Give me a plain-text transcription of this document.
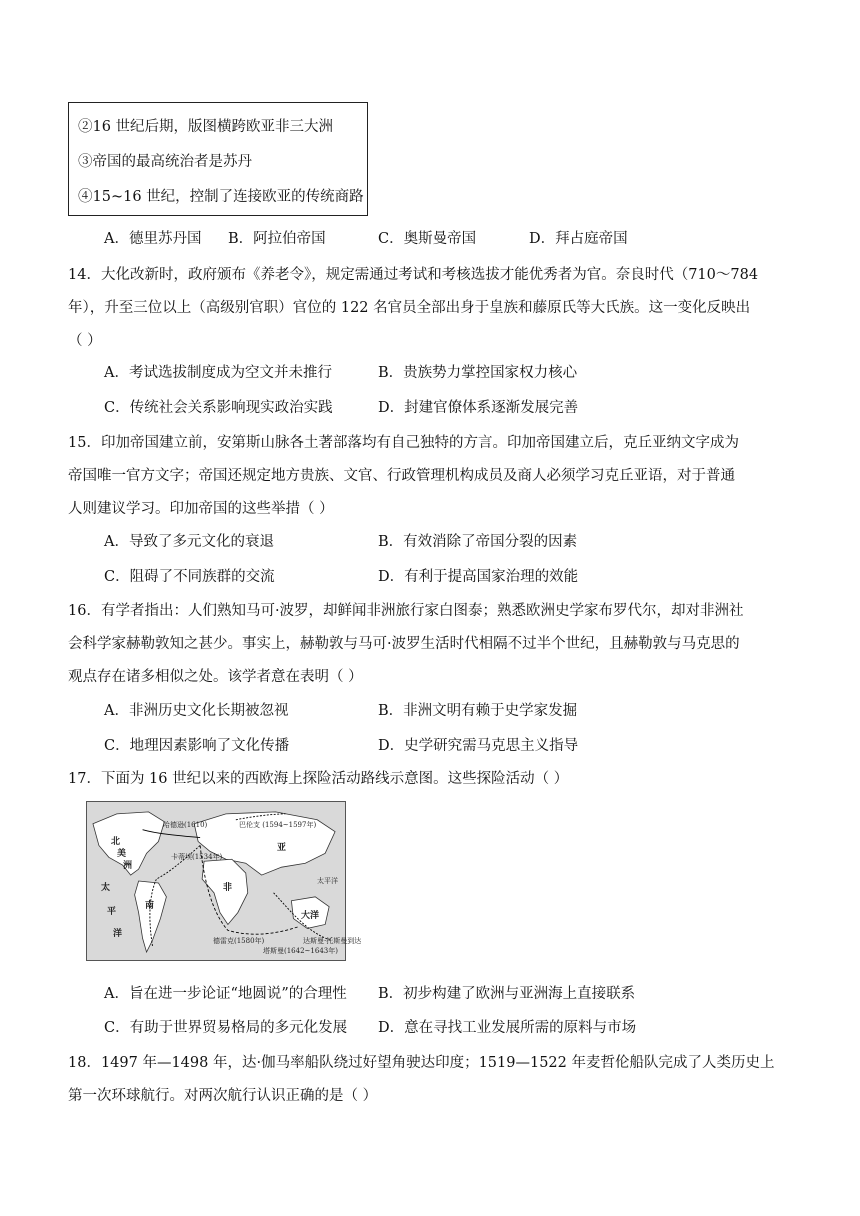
②16 世纪后期，版图横跨欧亚非三大洲
③帝国的最高统治者是苏丹
④15~16 世纪，控制了连接欧亚的传统商路
A．德里苏丹国 B．阿拉伯帝国	C．奥斯曼帝国	D．拜占庭帝国
14．大化改新时，政府颁布《养老令》，规定需通过考试和考核选拔才能优秀者为官。奈良时代（710～784
年），升至三位以上（高级别官职）官位的 122 名官员全部出身于皇族和藤原氏等大氏族。这一变化反映出
（ ）
A．考试选拔制度成为空文并未推行	B．贵族势力掌控国家权力核心
C．传统社会关系影响现实政治实践	D．封建官僚体系逐渐发展完善
15．印加帝国建立前，安第斯山脉各土著部落均有自己独特的方言。印加帝国建立后，克丘亚纳文字成为
帝国唯一官方文字；帝国还规定地方贵族、文官、行政管理机构成员及商人必须学习克丘亚语，对于普通
人则建议学习。印加帝国的这些举措（ ）
A．导致了多元文化的衰退	B．有效消除了帝国分裂的因素
C．阻碍了不同族群的交流	D．有利于提高国家治理的效能
16．有学者指出：人们熟知马可·波罗，却鲜闻非洲旅行家白图泰；熟悉欧洲史学家布罗代尔，却对非洲社
会科学家赫勒敦知之甚少。事实上，赫勒敦与马可·波罗生活时代相隔不过半个世纪，且赫勒敦与马克思的
观点存在诸多相似之处。该学者意在表明（ ）
A．非洲历史文化长期被忽视	B．非洲文明有赖于史学家发掘
C．地理因素影响了文化传播	D．史学研究需马克思主义指导
17．下面为 16 世纪以来的西欧海上探险活动路线示意图。这些探险活动（ ）
北
美
洲
太
平
洋
非
南
亚
大洋
太平洋
哈德逊(1610)	巴伦支 (1594~1597年)
卡蒂埃(1534年)
德雷克(1580年)
塔斯曼(1642~1643年)
达斯曼·托斯曼到达
A．旨在进一步论证“地圆说”的合理性 B．初步构建了欧洲与亚洲海上直接联系
C．有助于世界贸易格局的多元化发展 D．意在寻找工业发展所需的原料与市场
18．1497 年—1498 年，达·伽马率船队绕过好望角驶达印度；1519—1522 年麦哲伦船队完成了人类历史上
第一次环球航行。对两次航行认识正确的是（ ）
